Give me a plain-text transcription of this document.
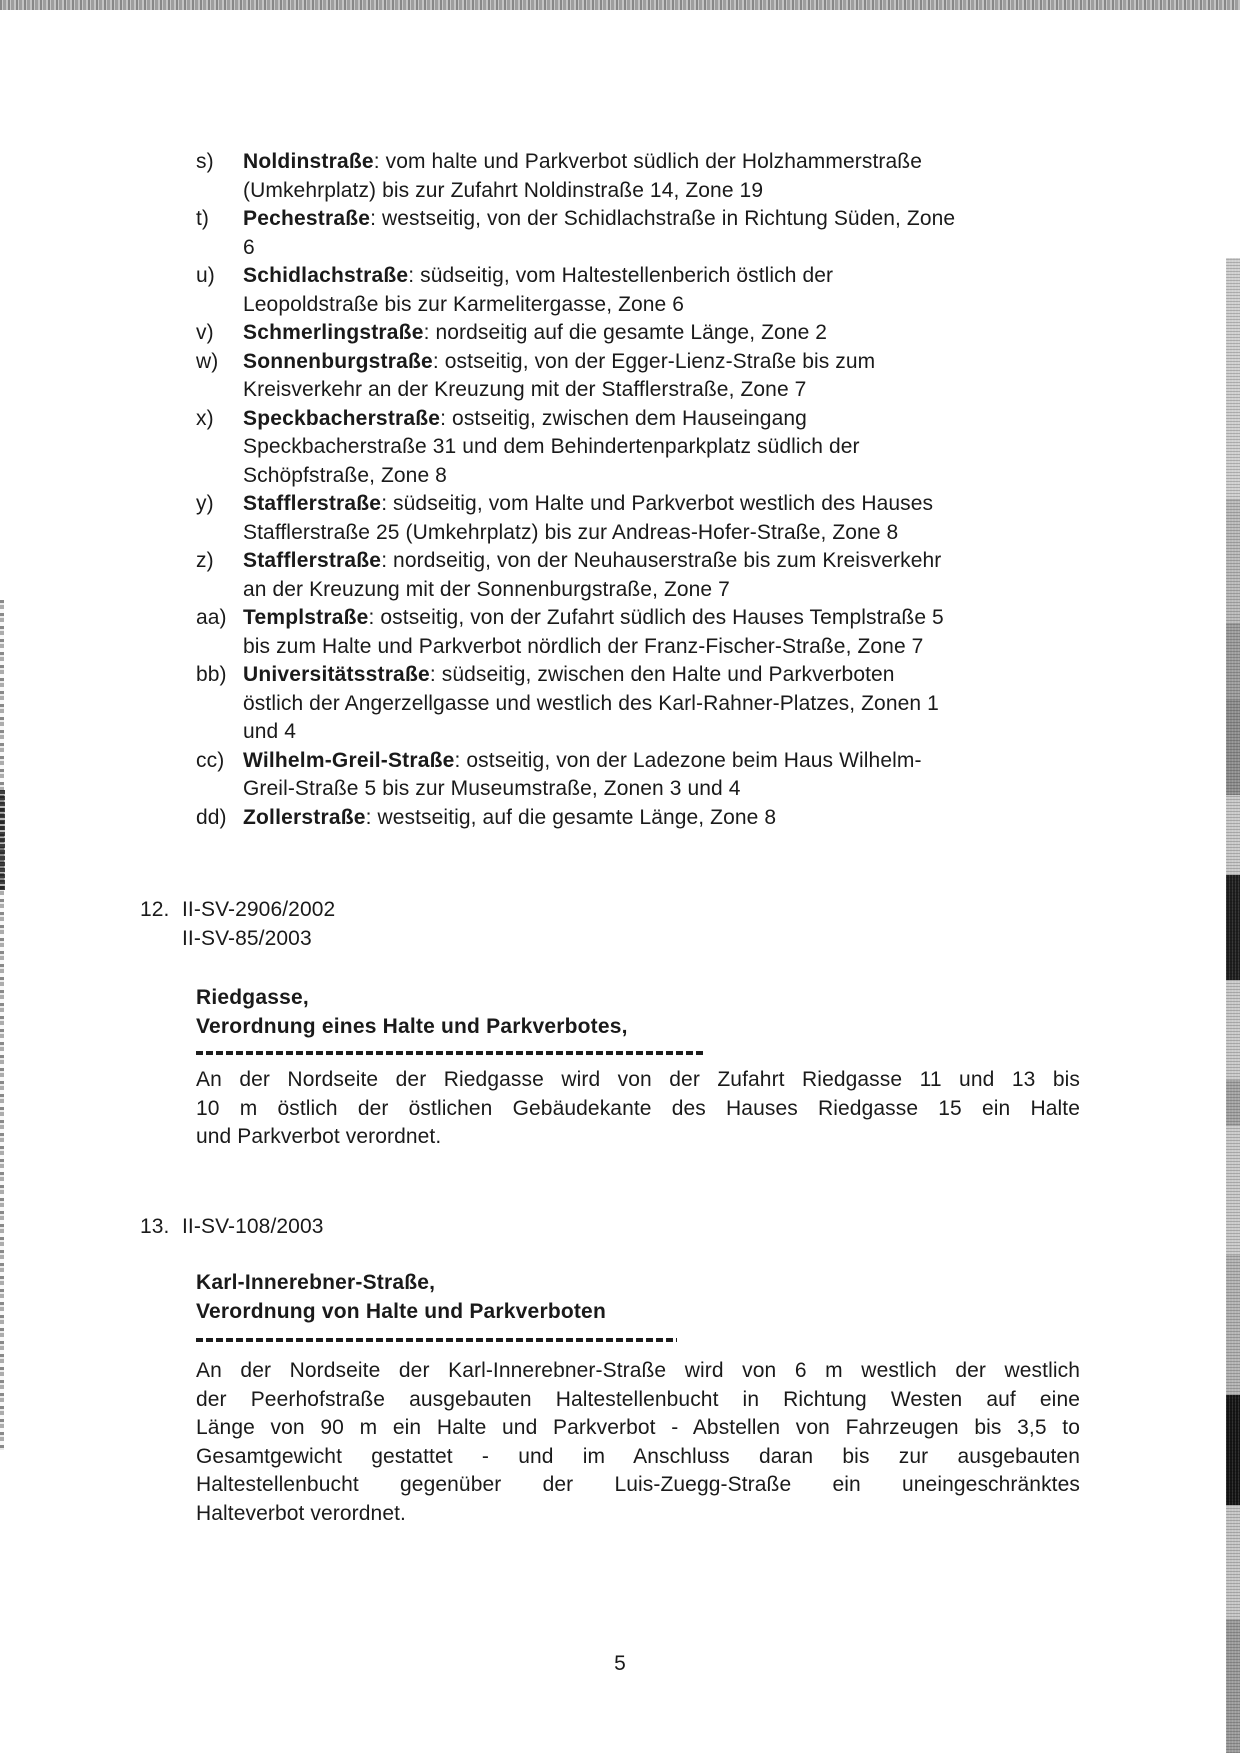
s)	Noldinstraße: vom halte und Parkverbot südlich der Holzhammerstraße
(Umkehrplatz) bis zur Zufahrt Noldinstraße 14, Zone 19
t)	Pechestraße: westseitig, von der Schidlachstraße in Richtung Süden, Zone
6
u)	Schidlachstraße: südseitig, vom Haltestellenberich östlich der
Leopoldstraße bis zur Karmelitergasse, Zone 6
v)	Schmerlingstraße: nordseitig auf die gesamte Länge, Zone 2
w)	Sonnenburgstraße: ostseitig, von der Egger-Lienz-Straße bis zum
Kreisverkehr an der Kreuzung mit der Stafflerstraße, Zone 7
x)	Speckbacherstraße: ostseitig, zwischen dem Hauseingang
Speckbacherstraße 31 und dem Behindertenparkplatz südlich der
Schöpfstraße, Zone 8
y)	Stafflerstraße: südseitig, vom Halte und Parkverbot westlich des Hauses
Stafflerstraße 25 (Umkehrplatz) bis zur Andreas-Hofer-Straße, Zone 8
z)	Stafflerstraße: nordseitig, von der Neuhauserstraße bis zum Kreisverkehr
an der Kreuzung mit der Sonnenburgstraße, Zone 7
aa) Templstraße: ostseitig, von der Zufahrt südlich des Hauses Templstraße 5
bis zum Halte und Parkverbot nördlich der Franz-Fischer-Straße, Zone 7
bb) Universitätsstraße: südseitig, zwischen den Halte und Parkverboten
östlich der Angerzellgasse und westlich des Karl-Rahner-Platzes, Zonen 1
und 4
cc) Wilhelm-Greil-Straße: ostseitig, von der Ladezone beim Haus Wilhelm-
Greil-Straße 5 bis zur Museumstraße, Zonen 3 und 4
dd) Zollerstraße: westseitig, auf die gesamte Länge, Zone 8
12. II-SV-2906/2002
II-SV-85/2003
Riedgasse,
Verordnung eines Halte und Parkverbotes,
An der Nordseite der Riedgasse wird von der Zufahrt Riedgasse 11 und 13 bis
10 m östlich der östlichen Gebäudekante des Hauses Riedgasse 15 ein Halte
und Parkverbot verordnet.
13. II-SV-108/2003
Karl-Innerebner-Straße,
Verordnung von Halte und Parkverboten
An der Nordseite der Karl-Innerebner-Straße wird von 6 m westlich der westlich
der Peerhofstraße ausgebauten Haltestellenbucht in Richtung Westen auf eine
Länge von 90 m ein Halte und Parkverbot - Abstellen von Fahrzeugen bis 3,5 to
Gesamtgewicht gestattet - und im Anschluss daran bis zur ausgebauten
Haltestellenbucht gegenüber der Luis-Zuegg-Straße ein uneingeschränktes
Halteverbot verordnet.
5
